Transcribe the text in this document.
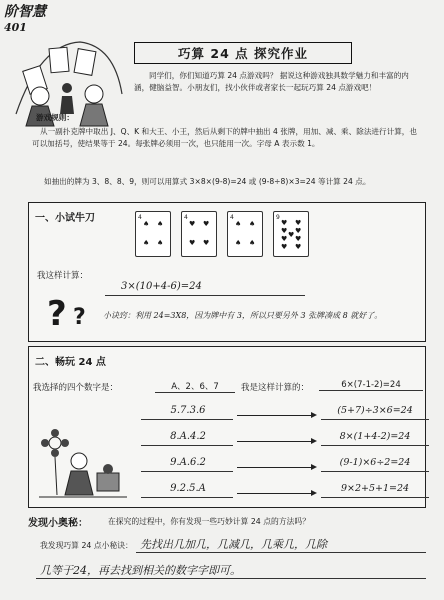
阶智慧
401
巧算 24 点 探究作业
同学们，你们知道巧算 24 点游戏吗？ 据说这种游戏独具数学魅力和丰富的内涵，健脑益智。小朋友们，找小伙伴或者家长一起玩巧算 24 点游戏吧！
游戏规则：
从一副扑克牌中取出 J、Q、K 和大王、小王，然后从剩下的牌中抽出 4 张牌，用加、减、乘、除法进行计算，也可以加括号，使结果等于 24。每张牌必须用一次，也只能用一次。字母 A 表示数 1。
如抽出的牌为 3、8、8、9，则可以用算式 3×8×(9-8)=24 或 (9-8÷8)×3=24 等计算 24 点。
一、小试牛刀	4
♠ ♠
♠ ♠
4
♥ ♥
♥ ♥
4
♠ ♠
♠ ♠
9
♥ ♥
♥ ♥
♥
♥ ♥
♥ ♥
我这样计算：
3×(10+4-6)=24
? ? 小诀窍：利用 24=3X8，因为牌中有 3，所以只要另外 3 张牌凑成 8 就好了。
二、畅玩 24 点
我选择的四个数字是：	A、2、6、7	我是这样计算的：	6×(7-1-2)=24
5.7.3.6	(5+7)÷3×6=24
8.A.4.2	8×(1+4-2)=24
9.A.6.2	(9-1)×6÷2=24
9.2.5.A	9×2+5+1=24
发现小奥秘：	在探究的过程中，你有发现一些巧妙计算 24 点的方法吗？
我发现巧算 24 点小秘诀： 先找出几加几，几减几，几乘几，几除
几等于24，再去找到相关的数字字即可。
